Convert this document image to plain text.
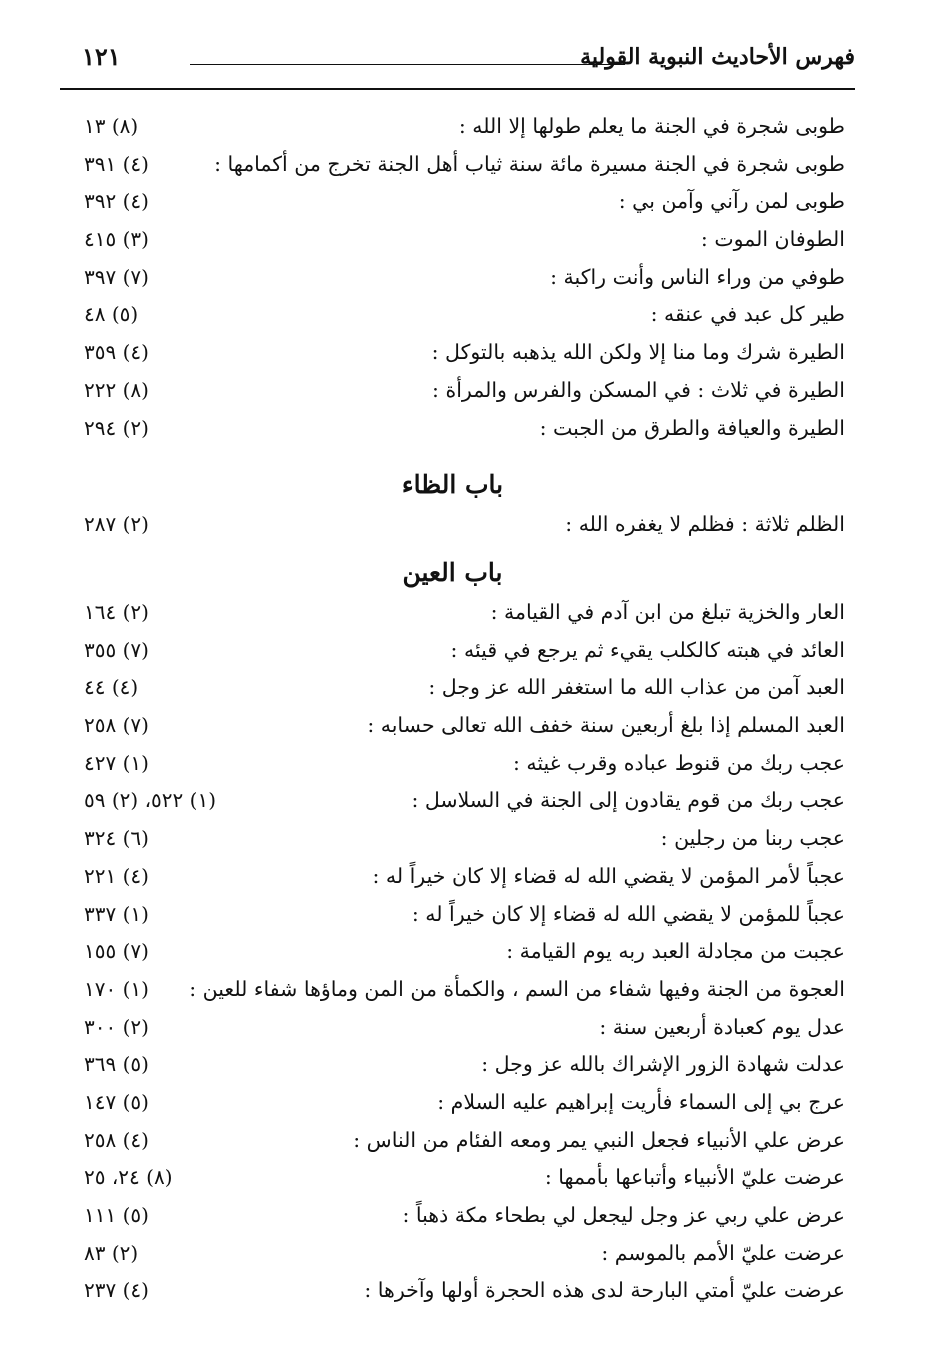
فهرس الأحاديث النبوية القولية
١٢١
طوبى شجرة في الجنة ما يعلم طولها إلا الله :
(٨) ١٣
طوبى شجرة في الجنة مسيرة مائة سنة ثياب أهل الجنة تخرج من أكمامها :
(٤) ٣٩١
طوبى لمن رآني وآمن بي :
(٤) ٣٩٢
الطوفان الموت :
(٣) ٤١٥
طوفي من وراء الناس وأنت راكبة :
(٧) ٣٩٧
طير كل عبد في عنقه :
(٥) ٤٨
الطيرة شرك وما منا إلا ولكن الله يذهبه بالتوكل :
(٤) ٣٥٩
الطيرة في ثلاث : في المسكن والفرس والمرأة :
(٨) ٢٢٢
الطيرة والعيافة والطرق من الجبت :
(٢) ٢٩٤
باب الظاء
الظلم ثلاثة : فظلم لا يغفره الله :
(٢) ٢٨٧
باب العين
العار والخزية تبلغ من ابن آدم في القيامة :
(٢) ١٦٤
العائد في هبته كالكلب يقيء ثم يرجع في قيئه :
(٧) ٣٥٥
العبد آمن من عذاب الله ما استغفر الله عز وجل :
(٤) ٤٤
العبد المسلم إذا بلغ أربعين سنة خفف الله تعالى حسابه :
(٧) ٢٥٨
عجب ربك من قنوط عباده وقرب غيثه :
(١) ٤٢٧
عجب ربك من قوم يقادون إلى الجنة في السلاسل :
(١) ٥٢٢، (٢) ٥٩
عجب ربنا من رجلين :
(٦) ٣٢٤
عجباً لأمر المؤمن لا يقضي الله له قضاء إلا كان خيراً له :
(٤) ٢٢١
عجباً للمؤمن لا يقضي الله له قضاء إلا كان خيراً له :
(١) ٣٣٧
عجبت من مجادلة العبد ربه يوم القيامة :
(٧) ١٥٥
العجوة من الجنة وفيها شفاء من السم ، والكمأة من المن وماؤها شفاء للعين :
(١) ١٧٠
عدل يوم كعبادة أربعين سنة :
(٢) ٣٠٠
عدلت شهادة الزور الإشراك بالله عز وجل :
(٥) ٣٦٩
عرج بي إلى السماء فأريت إبراهيم عليه السلام :
(٥) ١٤٧
عرض علي الأنبياء فجعل النبي يمر ومعه الفئام من الناس :
(٤) ٢٥٨
عرضت عليّ الأنبياء وأتباعها بأممها :
(٨) ٢٤، ٢٥
عرض علي ربي عز وجل ليجعل لي بطحاء مكة ذهباً :
(٥) ١١١
عرضت عليّ الأمم بالموسم :
(٢) ٨٣
عرضت عليّ أمتي البارحة لدى هذه الحجرة أولها وآخرها :
(٤) ٢٣٧
